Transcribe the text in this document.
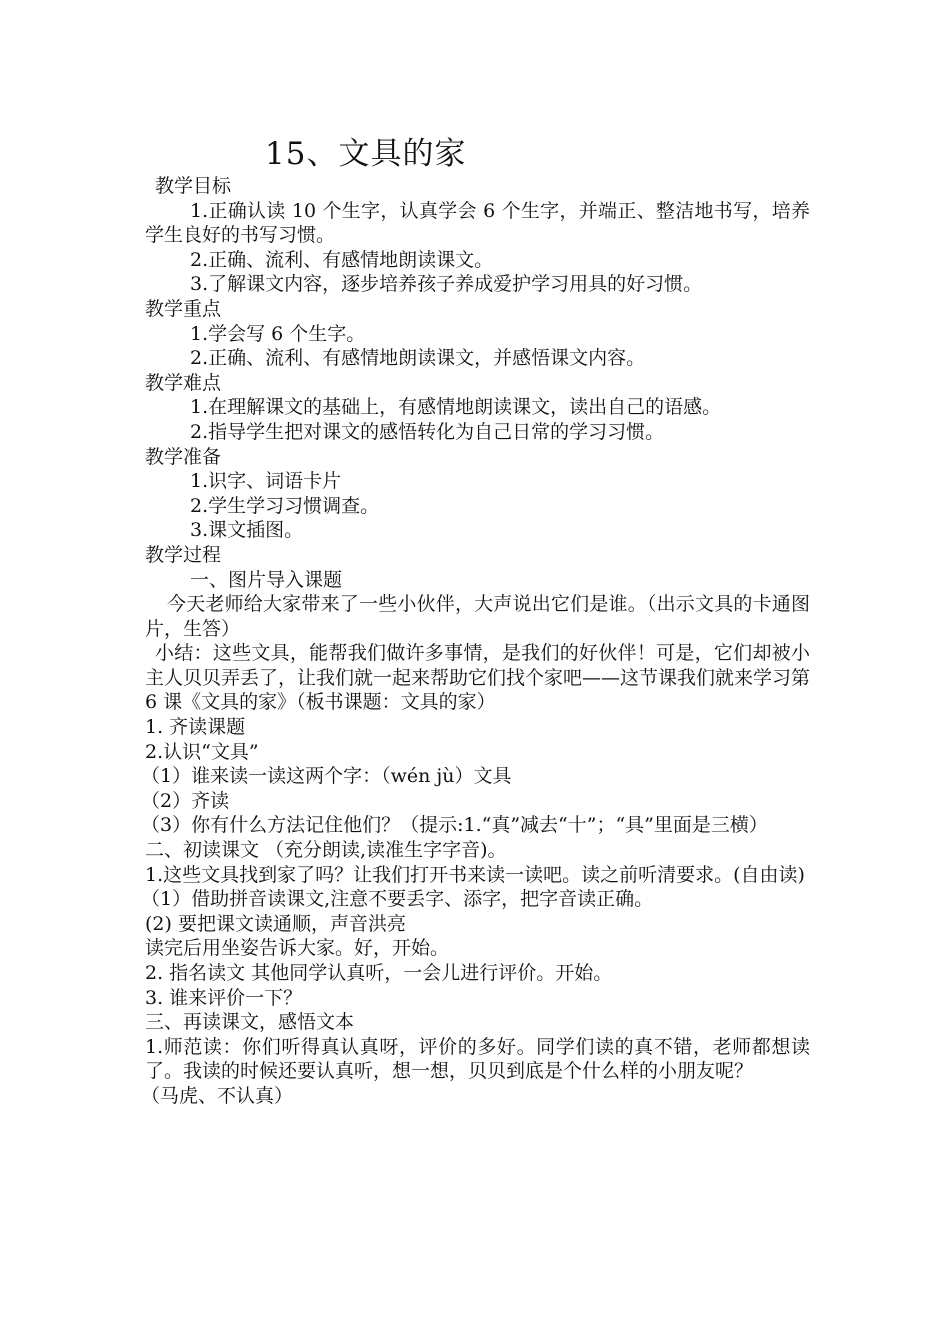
15、文具的家

教学目标

1.正确认读 10 个生字，认真学会 6 个生字，并端正、整洁地书写，培养学生良好的书写习惯。

2.正确、流利、有感情地朗读课文。

3.了解课文内容，逐步培养孩子养成爱护学习用具的好习惯。

教学重点

1.学会写 6 个生字。

2.正确、流利、有感情地朗读课文，并感悟课文内容。

教学难点

1.在理解课文的基础上，有感情地朗读课文，读出自己的语感。

2.指导学生把对课文的感悟转化为自己日常的学习习惯。

教学准备

1.识字、词语卡片

2.学生学习习惯调查。

3.课文插图。

教学过程

一、图片导入课题

今天老师给大家带来了一些小伙伴，大声说出它们是谁。（出示文具的卡通图片，生答）

小结：这些文具，能帮我们做许多事情，是我们的好伙伴！可是，它们却被小主人贝贝弄丢了，让我们就一起来帮助它们找个家吧——这节课我们就来学习第 6 课《文具的家》（板书课题：文具的家）

1. 齐读课题

2.认识“文具”

（1）谁来读一读这两个字：（wén jù）文具

（2）齐读

（3）你有什么方法记住他们？（提示:1.“真”减去“十”；“具”里面是三横）

二、初读课文 （充分朗读,读准生字字音)。

1.这些文具找到家了吗？让我们打开书来读一读吧。读之前听清要求。(自由读)

（1）借助拼音读课文,注意不要丢字、添字，把字音读正确。

(2) 要把课文读通顺，声音洪亮

读完后用坐姿告诉大家。好，开始。

2. 指名读文 其他同学认真听，一会儿进行评价。开始。

3. 谁来评价一下？

三、再读课文，感悟文本

1.师范读：你们听得真认真呀，评价的多好。同学们读的真不错，老师都想读了。我读的时候还要认真听，想一想，贝贝到底是个什么样的小朋友呢？

（马虎、不认真）
